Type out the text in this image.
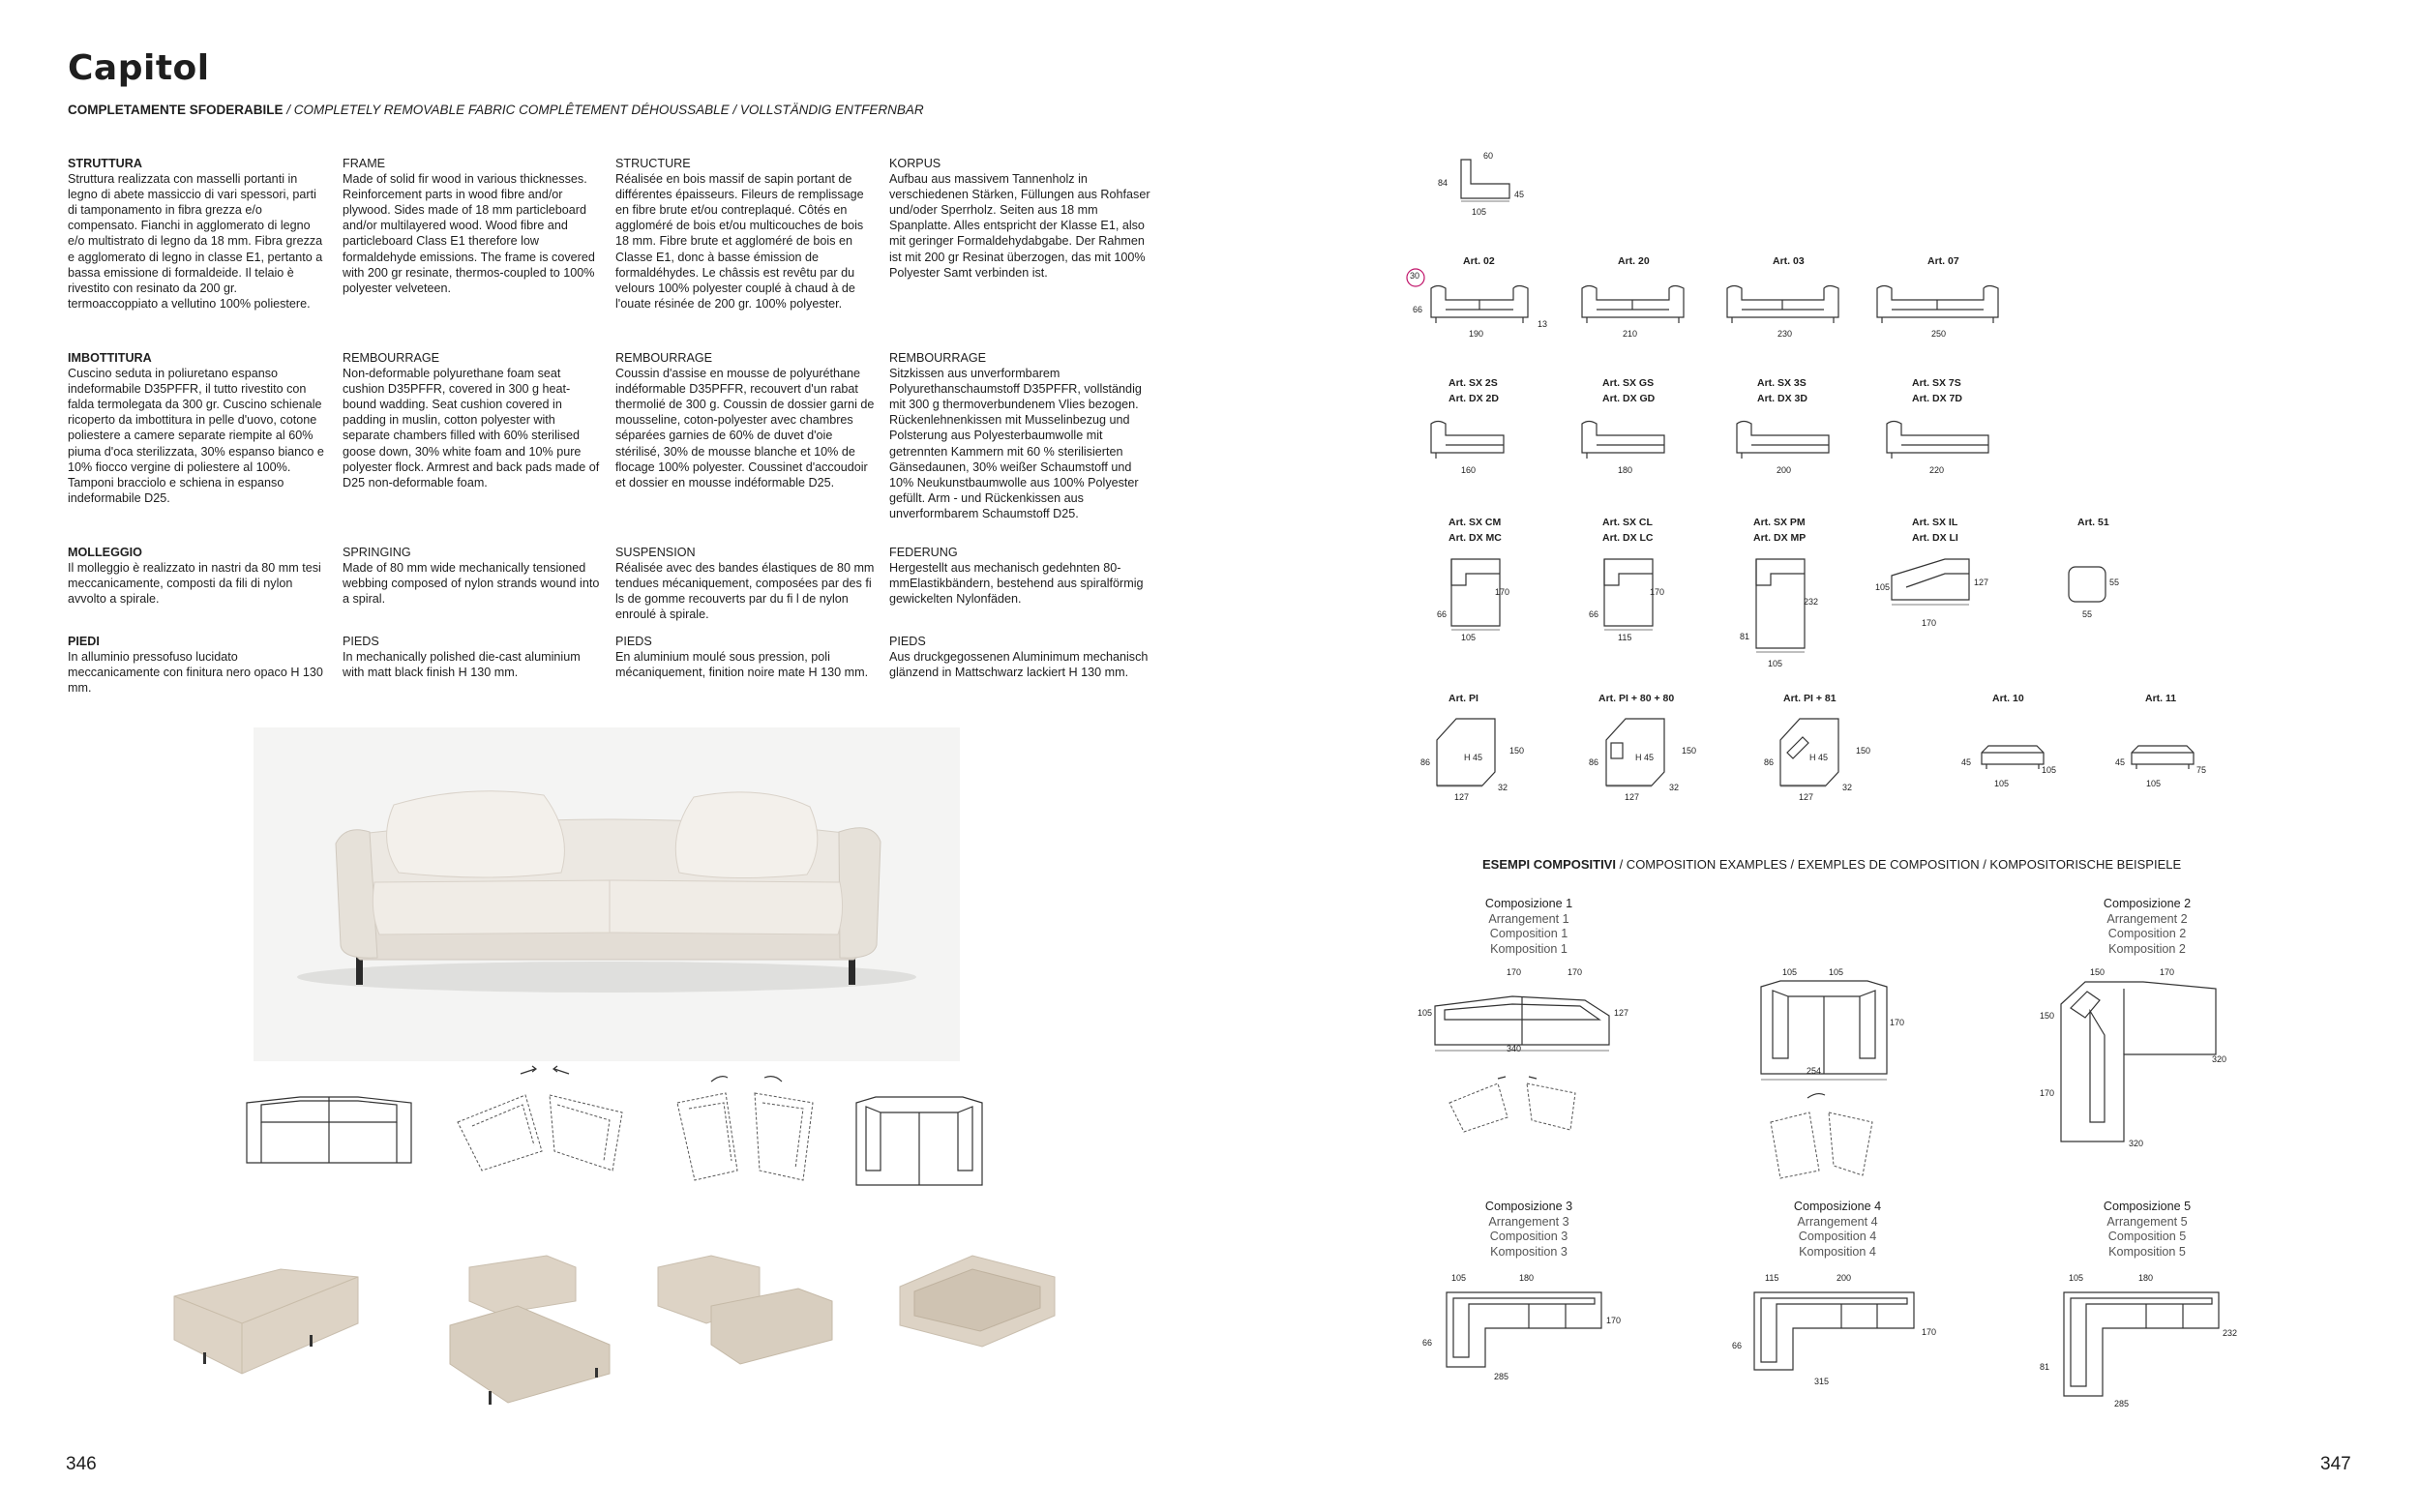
Capitol
COMPLETAMENTE SFODERABILE / COMPLETELY REMOVABLE FABRIC COMPLÊTEMENT DÉHOUSSABLE / VOLLSTÄNDIG ENTFERNBAR
STRUTTURA
Struttura realizzata con masselli portanti in legno di abete massiccio di vari spessori, parti di tamponamento in fibra grezza e/o compensato. Fianchi in agglomerato di legno e/o multistrato di legno da 18 mm. Fibra grezza e agglomerato di legno in classe E1, pertanto a bassa emissione di formaldeide. Il telaio è rivestito con resinato da 200 gr. termoaccoppiato a vellutino 100% poliestere.
IMBOTTITURA
Cuscino seduta in poliuretano espanso indeformabile D35PFFR, il tutto rivestito con falda termolegata da 300 gr. Cuscino schienale ricoperto da imbottitura in pelle d'uovo, cotone poliestere a camere separate riempite al 60% piuma d'oca sterilizzata, 30% espanso bianco e 10% fiocco vergine di poliestere al 100%. Tamponi bracciolo e schiena in espanso indeformabile D25.
MOLLEGGIO
Il molleggio è realizzato in nastri da 80 mm tesi meccanicamente, composti da fili di nylon avvolto a spirale.
PIEDI
In alluminio pressofuso lucidato meccanicamente con finitura nero opaco H 130 mm.
FRAME
Made of solid fir wood in various thicknesses. Reinforcement parts in wood fibre and/or plywood. Sides made of 18 mm particleboard and/or multilayered wood. Wood fibre and particleboard Class E1 therefore low formaldehyde emissions. The frame is covered with 200 gr resinate, thermos-coupled to 100% polyester velveteen.
REMBOURRAGE
Non-deformable polyurethane foam seat cushion D35PFFR, covered in 300 g heat-bound wadding. Seat cushion covered in padding in muslin, cotton polyester with separate chambers filled with 60% sterilised goose down, 30% white foam and 10% pure polyester flock. Armrest and back pads made of D25 non-deformable foam.
SPRINGING
Made of 80 mm wide mechanically tensioned webbing composed of nylon strands wound into a spiral.
PIEDS
In mechanically polished die-cast aluminium with matt black finish H 130 mm.
STRUCTURE
Réalisée en bois massif de sapin portant de différentes épaisseurs. Fileurs de remplissage en fibre brute et/ou contreplaqué. Côtés en aggloméré de bois et/ou multicouches de bois 18 mm. Fibre brute et aggloméré de bois en Classe E1, donc à basse émission de formaldéhydes. Le châssis est revêtu par du velours 100% polyester couplé à chaud à de l'ouate résinée de 200 gr. 100% polyester.
REMBOURRAGE
Coussin d'assise en mousse de polyuréthane indéformable D35PFFR, recouvert d'un rabat thermolié de 300 g. Coussin de dossier garni de mousseline, coton-polyester avec chambres séparées garnies de 60% de duvet d'oie stérilisé, 30% de mousse blanche et 10% de flocage 100% polyester. Coussinet d'accoudoir et dossier en mousse indéformable D25.
SUSPENSION
Réalisée avec des bandes élastiques de 80 mm tendues mécaniquement, composées par des fi ls de gomme recouverts par du fi l de nylon enroulé à spirale.
PIEDS
En aluminium moulé sous pression, poli mécaniquement, finition noire mate H 130 mm.
KORPUS
Aufbau aus massivem Tannenholz in verschiedenen Stärken, Füllungen aus Rohfaser und/oder Sperrholz. Seiten aus 18 mm Spanplatte. Alles entspricht der Klasse E1, also mit geringer Formaldehydabgabe. Der Rahmen ist mit 200 gr Resinat überzogen, das mit 100% Polyester Samt verbinden ist.
REMBOURRAGE
Sitzkissen aus unverformbarem Polyurethanschaumstoff D35PFFR, vollständig mit 300 g thermoverbundenem Vlies bezogen. Rückenlehnenkissen mit Musselinbezug und Polsterung aus Polyesterbaumwolle mit getrennten Kammern mit 60 % sterilisierten Gänsedaunen, 30% weißer Schaumstoff und 10% Neukunstbaumwolle aus 100% Polyester gefüllt. Arm - und Rückenkissen aus unverformbarem Schaumstoff D25.
FEDERUNG
Hergestellt aus mechanisch gedehnten 80-mmElastikbändern, bestehend aus spiralförmig gewickelten Nylonfäden.
PIEDS
Aus druckgegossenen Aluminimum mechanisch glänzend in Mattschwarz lackiert H 130 mm.
346	347
60
84
45
105
Art. 02	Art. 20	Art. 03	Art. 07
30
66
13
190	210	230	250
Art. SX 2S
Art. DX 2D
Art. SX GS
Art. DX GD
Art. SX 3S
Art. DX 3D
Art. SX 7S
Art. DX 7D
160	180	200	220
Art. SX CM
Art. DX MC
Art. SX CL
Art. DX LC
Art. SX PM
Art. DX MP
Art. SX IL
Art. DX LI
Art. 51
66
170
105
66
170
115	81
232
105
105	127
170
55
55
Art. PI	Art. PI + 80 + 80	Art. PI + 81	Art. 10	Art. 11
86
150
127
32
H 45	86
150
127
32
H 45	86
150
127
32
H 45	45
105
105
45
75
105
ESEMPI COMPOSITIVI / COMPOSITION EXAMPLES / EXEMPLES DE COMPOSITION / KOMPOSITORISCHE BEISPIELE
Composizione 1
Arrangement 1
Composition 1
Komposition 1
Composizione 2
Arrangement 2
Composition 2
Komposition 2
Composizione 3
Arrangement 3
Composition 3
Komposition 3
Composizione 4
Arrangement 4
Composition 4
Komposition 4
Composizione 5
Arrangement 5
Composition 5
Komposition 5
170	170
105	127
340
105	105
170
254
150	170
150
320
170
320
105	180
66
170
285
115	200
66
170
315
105	180
81
232
285
